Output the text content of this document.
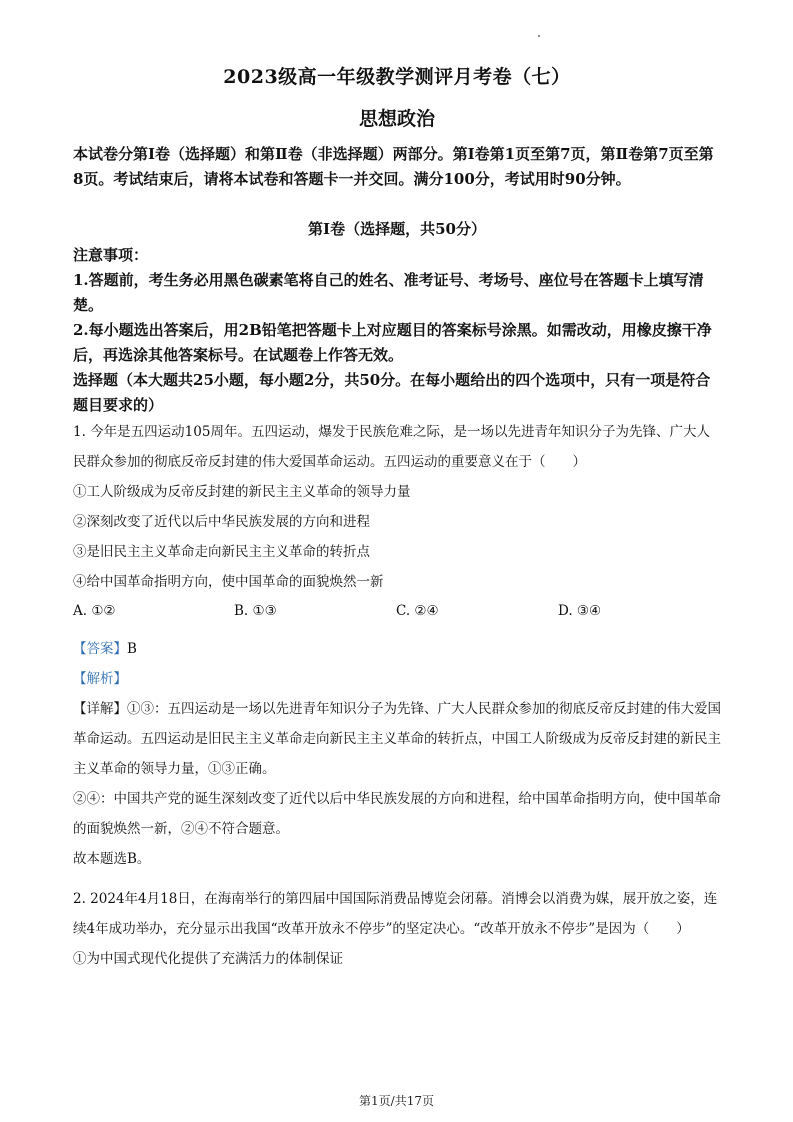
2023级高一年级教学测评月考卷（七）
思想政治
本试卷分第Ⅰ卷（选择题）和第Ⅱ卷（非选择题）两部分。第Ⅰ卷第1页至第7页，第Ⅱ卷第7页至第8页。考试结束后，请将本试卷和答题卡一并交回。满分100分，考试用时90分钟。
第Ⅰ卷（选择题，共50分）

注意事项：

1.答题前，考生务必用黑色碳素笔将自己的姓名、准考证号、考场号、座位号在答题卡上填写清楚。

2.每小题选出答案后，用2B铅笔把答题卡上对应题目的答案标号涂黑。如需改动，用橡皮擦干净后，再选涂其他答案标号。在试题卷上作答无效。

选择题（本大题共25小题，每小题2分，共50分。在每小题给出的四个选项中，只有一项是符合题目要求的）

1. 今年是五四运动105周年。五四运动，爆发于民族危难之际，是一场以先进青年知识分子为先锋、广大人民群众参加的彻底反帝反封建的伟大爱国革命运动。五四运动的重要意义在于（　　）

①工人阶级成为反帝反封建的新民主主义革命的领导力量

②深刻改变了近代以后中华民族发展的方向和进程

③是旧民主主义革命走向新民主主义革命的转折点

④给中国革命指明方向，使中国革命的面貌焕然一新

A. ①②	B. ①③	C. ②④	D. ③④

【答案】B

【解析】

【详解】①③：五四运动是一场以先进青年知识分子为先锋、广大人民群众参加的彻底反帝反封建的伟大爱国革命运动。五四运动是旧民主主义革命走向新民主主义革命的转折点，中国工人阶级成为反帝反封建的新民主主义革命的领导力量，①③正确。

②④：中国共产党的诞生深刻改变了近代以后中华民族发展的方向和进程，给中国革命指明方向，使中国革命的面貌焕然一新，②④不符合题意。

故本题选B。

2. 2024年4月18日，在海南举行的第四届中国国际消费品博览会闭幕。消博会以消费为媒，展开放之姿，连续4年成功举办，充分显示出我国“改革开放永不停步”的坚定决心。“改革开放永不停步”是因为（　　）

①为中国式现代化提供了充满活力的体制保证

第1页/共17页
